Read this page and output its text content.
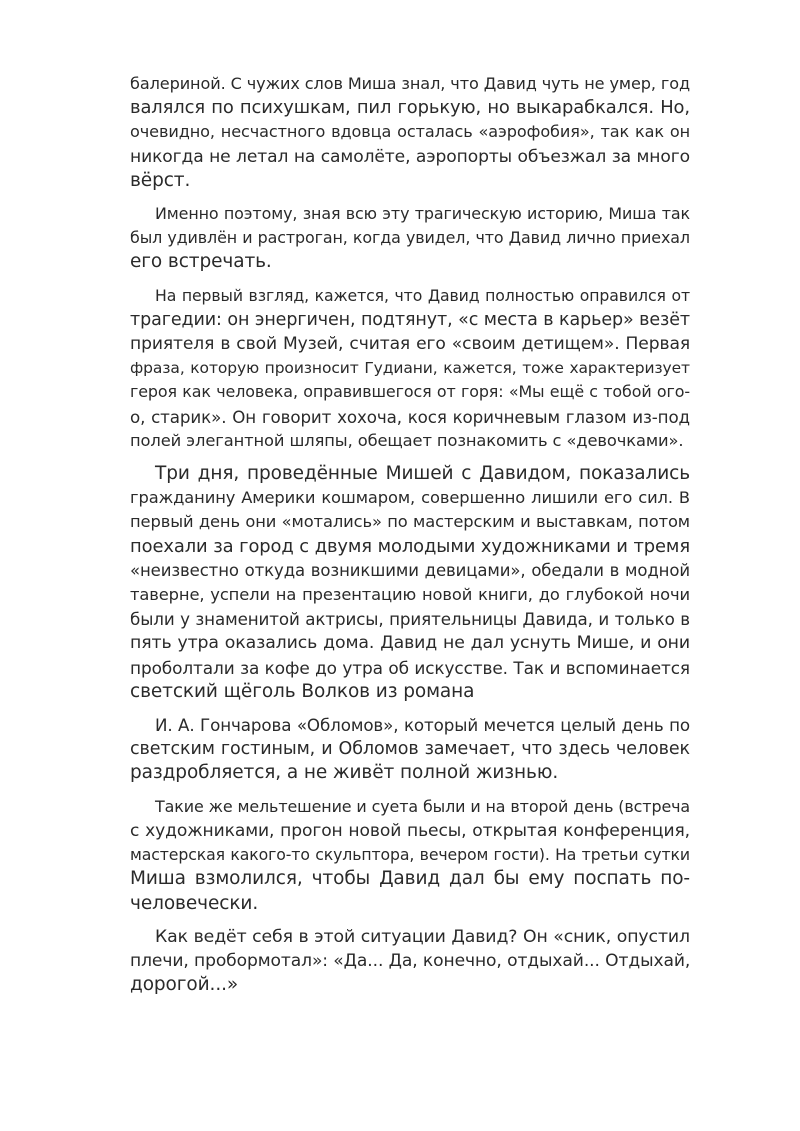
балериной. С чужих слов Миша знал, что Давид чуть не умер, год
валялся по психушкам, пил горькую, но выкарабкался. Но,
очевидно, несчастного вдовца осталась «аэрофобия», так как он
никогда не летал на самолёте, аэропорты объезжал за много
вёрст.

Именно поэтому, зная всю эту трагическую историю, Миша так
был удивлён и растроган, когда увидел, что Давид лично приехал
его встречать.

На первый взгляд, кажется, что Давид полностью оправился от
трагедии: он энергичен, подтянут, «с места в карьер» везёт
приятеля в свой Музей, считая его «своим детищем». Первая
фраза, которую произносит Гудиани, кажется, тоже характеризует
героя как человека, оправившегося от горя: «Мы ещё с тобой ого-
о, старик». Он говорит хохоча, кося коричневым глазом из-под
полей элегантной шляпы, обещает познакомить с «девочками».

Три дня, проведённые Мишей с Давидом, показались
гражданину Америки кошмаром, совершенно лишили его сил. В
первый день они «мотались» по мастерским и выставкам, потом
поехали за город с двумя молодыми художниками и тремя
«неизвестно откуда возникшими девицами», обедали в модной
таверне, успели на презентацию новой книги, до глубокой ночи
были у знаменитой актрисы, приятельницы Давида, и только в
пять утра оказались дома. Давид не дал уснуть Мише, и они
проболтали за кофе до утра об искусстве. Так и вспоминается
светский щёголь Волков из романа

И. А. Гончарова «Обломов», который мечется целый день по
светским гостиным, и Обломов замечает, что здесь человек
раздробляется, а не живёт полной жизнью.

Такие же мельтешение и суета были и на второй день (встреча
с художниками, прогон новой пьесы, открытая конференция,
мастерская какого-то скульптора, вечером гости). На третьи сутки
Миша взмолился, чтобы Давид дал бы ему поспать по-
человечески.

Как ведёт себя в этой ситуации Давид? Он «сник, опустил
плечи, пробормотал»: «Да... Да, конечно, отдыхай... Отдыхай,
дорогой...»
